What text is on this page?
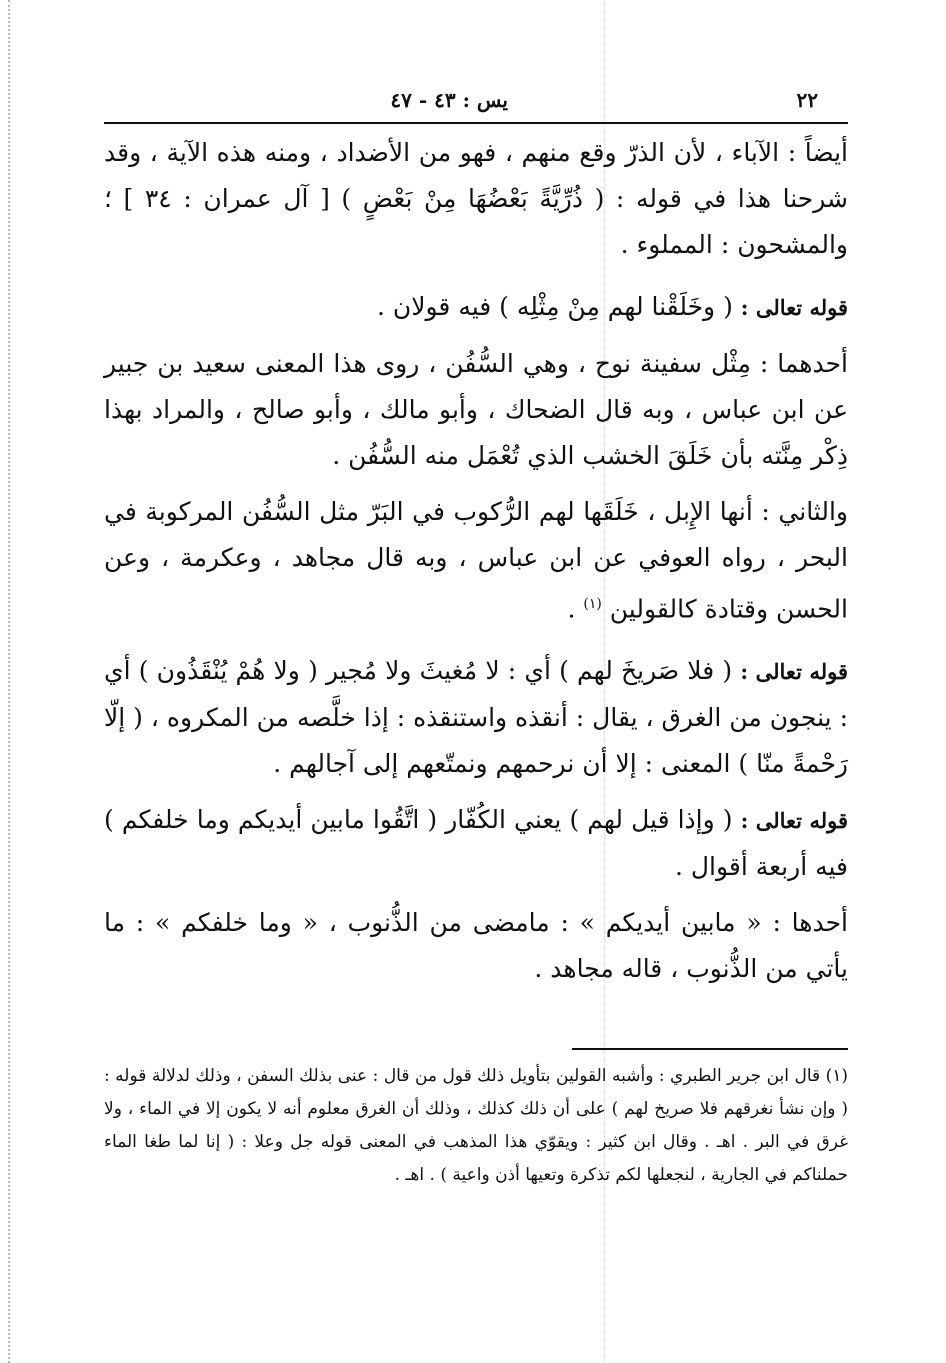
٢٢
يس : ٤٣ - ٤٧

أيضاً : الآباء ، لأن الذرّ وقع منهم ، فهو من الأضداد ، ومنه هذه الآية ، وقد شرحنا هذا في قوله : ( ذُرِّيَّةً بَعْضُهَا مِنْ بَعْضٍ ) [ آل عمران : ٣٤ ] ؛ والمشحون : المملوء .

قوله تعالى : ( وخَلَقْنا لهم مِنْ مِثْلِه ) فيه قولان .

أحدهما : مِثْل سفينة نوح ، وهي السُّفُن ، روى هذا المعنى سعيد بن جبير عن ابن عباس ، وبه قال الضحاك ، وأبو مالك ، وأبو صالح ، والمراد بهذا ذِكْر مِنَّته بأن خَلَقَ الخشب الذي تُعْمَل منه السُّفُن .

والثاني : أنها الإِبل ، خَلَقَها لهم الرُّكوب في البَرّ مثل السُّفُن المركوبة في البحر ، رواه العوفي عن ابن عباس ، وبه قال مجاهد ، وعكرمة ، وعن الحسن وقتادة كالقولين $^{(١)}$ .

قوله تعالى : ( فلا صَريخَ لهم ) أي : لا مُغيثَ ولا مُجير ( ولا هُمْ يُنْقَذُون ) أي : ينجون من الغرق ، يقال : أنقذه واستنقذه : إذا خلَّصه من المكروه ، ( إلّا رَحْمةً منّا ) المعنى : إلا أن نرحمهم ونمتّعهم إلى آجالهم .

قوله تعالى : ( وإذا قيل لهم ) يعني الكُفّار ( اتَّقُوا مابين أيديكم وما خلفكم ) فيه أربعة أقوال .

أحدها : « مابين أيديكم » : مامضى من الذُّنوب ، « وما خلفكم » : ما يأتي من الذُّنوب ، قاله مجاهد .

(١) قال ابن جرير الطبري : وأشبه القولين بتأويل ذلك قول من قال : عنى بذلك السفن ، وذلك لدلالة قوله : ( وإن نشأ نغرقهم فلا صريخ لهم ) على أن ذلك كذلك ، وذلك أن الغرق معلوم أنه لا يكون إلا في الماء ، ولا غرق في البر . اهـ . وقال ابن كثير : ويقوّي هذا المذهب في المعنى قوله جل وعلا : ( إنا لما طغا الماء حملناكم في الجارية ، لنجعلها لكم تذكرة وتعيها أذن واعية ) . اهـ .
